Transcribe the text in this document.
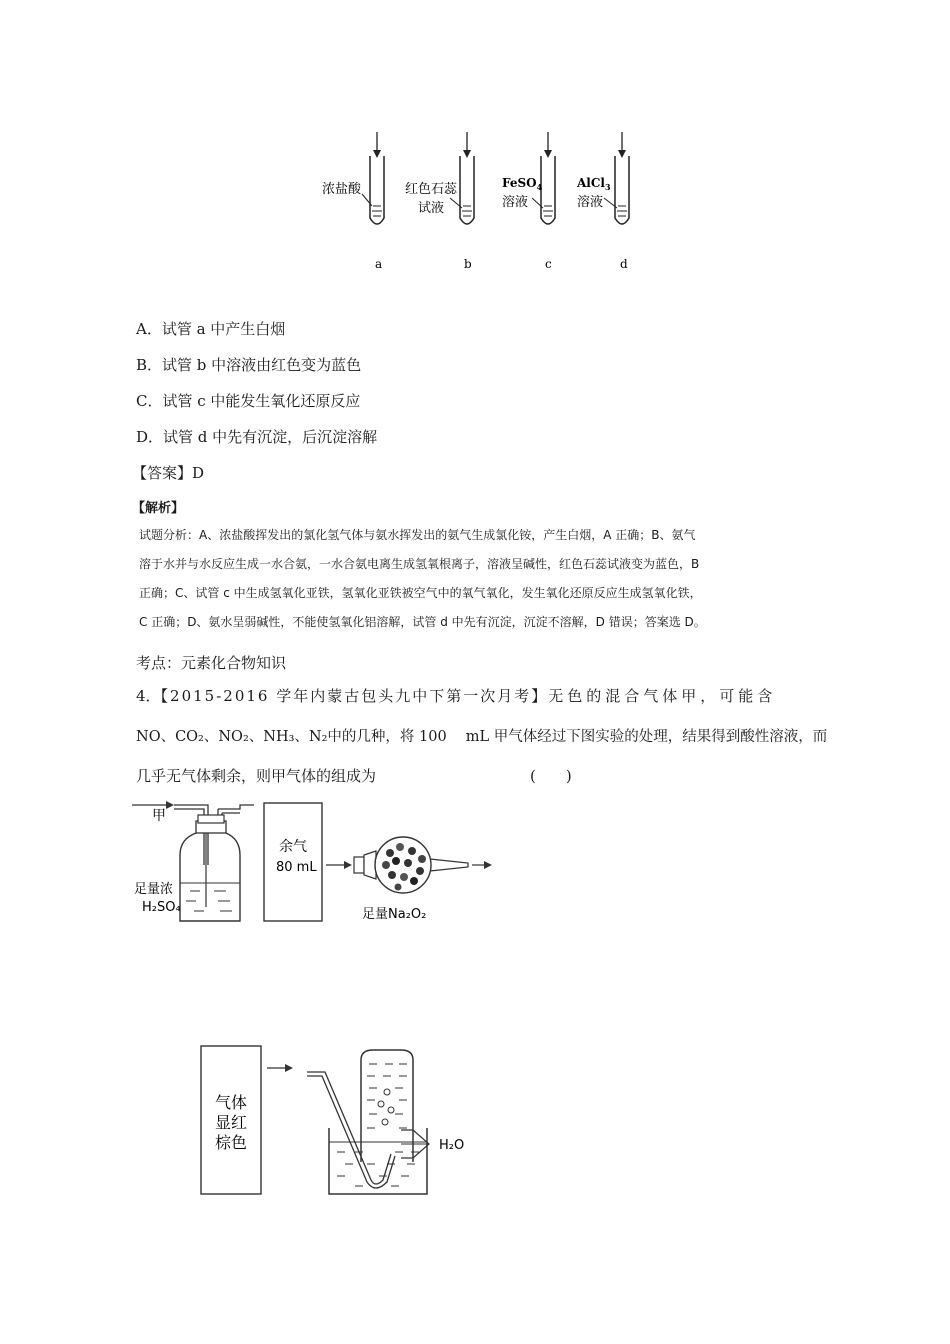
浓盐酸
a
红色石蕊
试液
b
FeSO$_4$
溶液
c
AlCl$_3$
溶液
d
A．试管 a 中产生白烟
B．试管 b 中溶液由红色变为蓝色
C．试管 c 中能发生氧化还原反应
D．试管 d 中先有沉淀，后沉淀溶解
【答案】D
【解析】
试题分析：A、浓盐酸挥发出的氯化氢气体与氨水挥发出的氨气生成氯化铵，产生白烟，A 正确；B、氨气
溶于水并与水反应生成一水合氨，一水合氨电离生成氢氧根离子，溶液呈碱性，红色石蕊试液变为蓝色，B
正确；C、试管 c 中生成氢氧化亚铁，氢氧化亚铁被空气中的氧气氧化，发生氧化还原反应生成氢氧化铁，
C 正确；D、氨水呈弱碱性，不能使氢氧化铝溶解，试管 d 中先有沉淀，沉淀不溶解，D 错误；答案选 D。
考点：元素化合物知识
4．【2015-2016 学年内蒙古包头九中下第一次月考】无色的混合气体甲，可能含
NO、CO₂、NO₂、NH₃、N₂中的几种，将 100　 mL 甲气体经过下图实验的处理，结果得到酸性溶液，而
几乎无气体剩余，则甲气体的组成为	(　　)
甲
足量浓
H₂SO₄
余气
80 mL
足量Na₂O₂
气体
显红
棕色	H₂O
